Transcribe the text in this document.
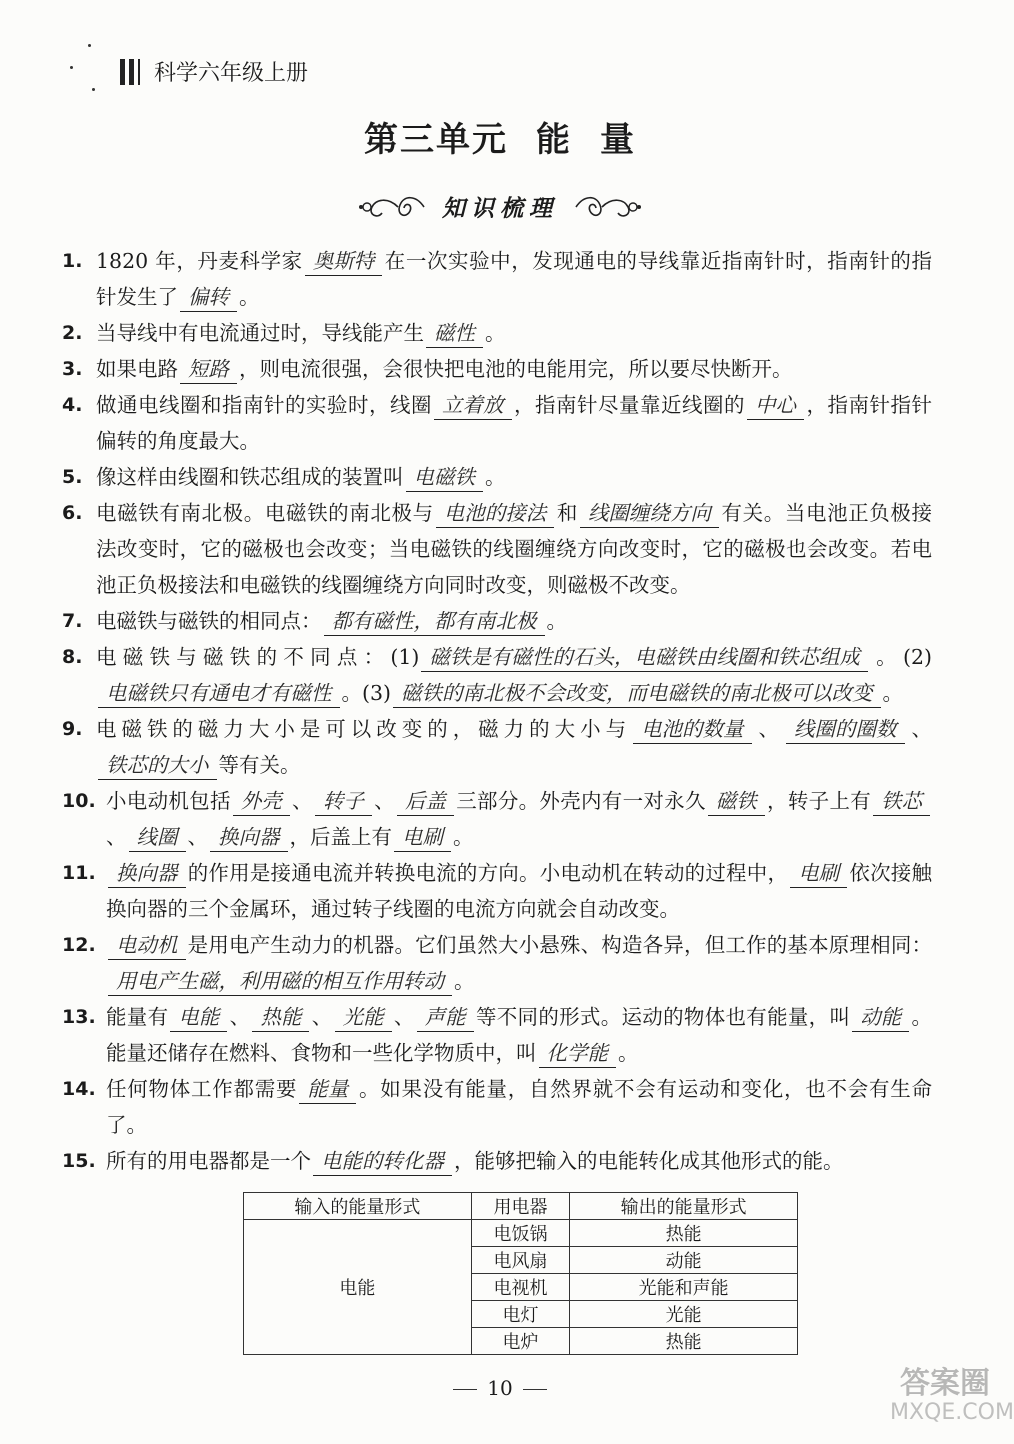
科学六年级上册
第三单元 能 量
知识梳理
1. 1820 年，丹麦科学家 奥斯特 在一次实验中，发现通电的导线靠近指南针时，指南针的指针发生了 偏转 。
2. 当导线中有电流通过时，导线能产生 磁性 。
3. 如果电路 短路 ，则电流很强，会很快把电池的电能用完，所以要尽快断开。
4. 做通电线圈和指南针的实验时，线圈 立着放 ，指南针尽量靠近线圈的 中心 ，指南针指针偏转的角度最大。
5. 像这样由线圈和铁芯组成的装置叫 电磁铁 。
6. 电磁铁有南北极。电磁铁的南北极与 电池的接法 和 线圈缠绕方向 有关。当电池正负极接法改变时，它的磁极也会改变；当电磁铁的线圈缠绕方向改变时，它的磁极也会改变。若电池正负极接法和电磁铁的线圈缠绕方向同时改变，则磁极不改变。
7. 电磁铁与磁铁的相同点： 都有磁性，都有南北极 。
8. 电磁铁与磁铁的不同点：(1) 磁铁是有磁性的石头，电磁铁由线圈和铁芯组成 。(2)电磁铁只有通电才有磁性 。(3) 磁铁的南北极不会改变，而电磁铁的南北极可以改变 。
9. 电磁铁的磁力大小是可以改变的，磁力的大小与 电池的数量 、 线圈的圈数 、铁芯的大小 等有关。
10. 小电动机包括 外壳 、 转子 、 后盖 三部分。外壳内有一对永久 磁铁 ，转子上有 铁芯、 线圈 、 换向器 ，后盖上有 电刷 。
11. 换向器 的作用是接通电流并转换电流的方向。小电动机在转动的过程中， 电刷 依次接触换向器的三个金属环，通过转子线圈的电流方向就会自动改变。
12. 电动机 是用电产生动力的机器。它们虽然大小悬殊、构造各异，但工作的基本原理相同：用电产生磁，利用磁的相互作用转动 。
13. 能量有 电能 、 热能 、 光能 、 声能 等不同的形式。运动的物体也有能量，叫 动能 。能量还储存在燃料、食物和一些化学物质中，叫 化学能 。
14. 任何物体工作都需要 能量 。如果没有能量，自然界就不会有运动和变化，也不会有生命了。
15. 所有的用电器都是一个 电能的转化器 ，能够把输入的电能转化成其他形式的能。
输入的能量形式	用电器	输出的能量形式
电能	电饭锅	热能
	电风扇	动能
	电视机	光能和声能
	电灯	光能
	电炉	热能
10	答案圈
MXQE.COM
